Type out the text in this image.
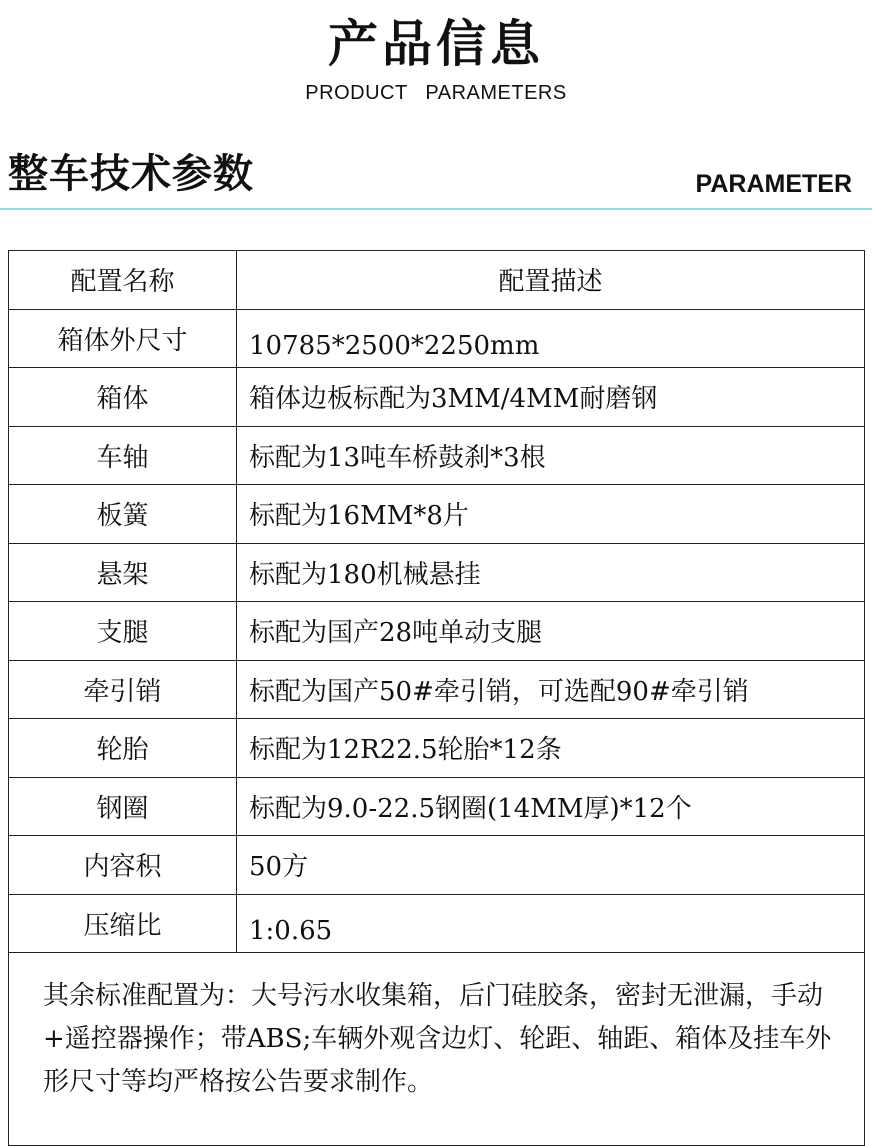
产品信息
PRODUCT PARAMETERS
整车技术参数	PARAMETER
配置名称	配置描述
箱体外尺寸	10785*2500*2250mm
箱体	箱体边板标配为3MM/4MM耐磨钢
车轴	标配为13吨车桥鼓刹*3根
板簧	标配为16MM*8片
悬架	标配为180机械悬挂
支腿	标配为国产28吨单动支腿
牵引销	标配为国产50#牵引销，可选配90#牵引销
轮胎	标配为12R22.5轮胎*12条
钢圈	标配为9.0-22.5钢圈(14MM厚)*12个
内容积	50方
压缩比	1:0.65
其余标准配置为：大号污水收集箱，后门硅胶条，密封无泄漏，手动+遥控器操作；带ABS;车辆外观含边灯、轮距、轴距、箱体及挂车外形尺寸等均严格按公告要求制作。	
